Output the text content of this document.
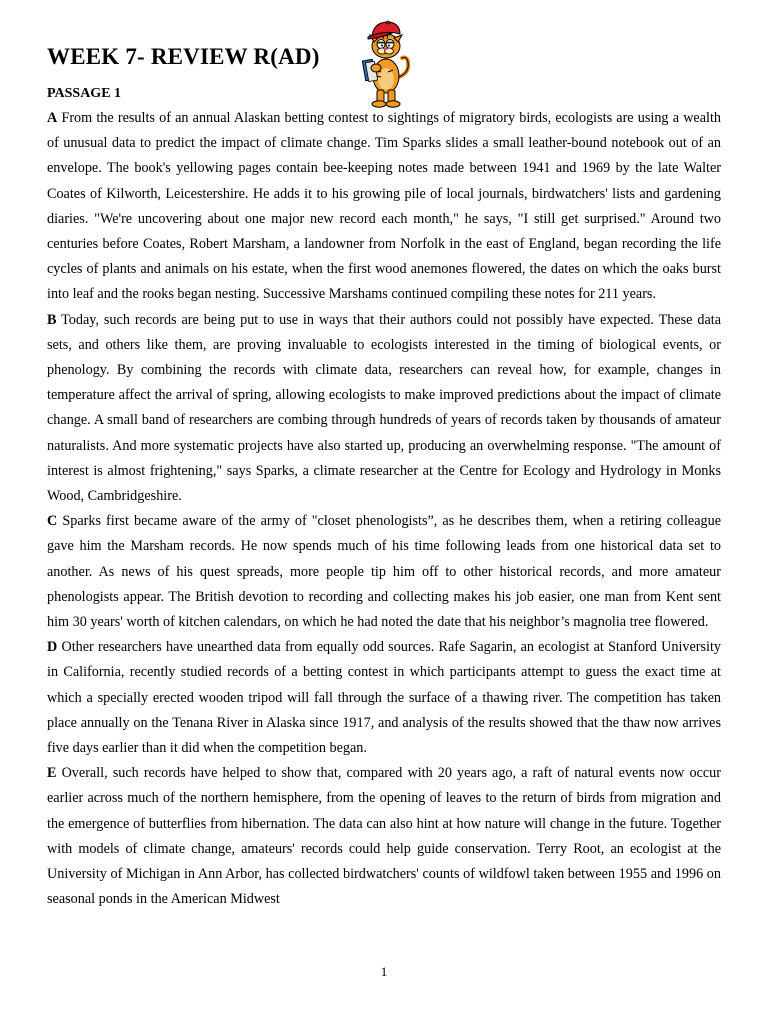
WEEK 7- REVIEW R(AD)
PASSAGE 1

A From the results of an annual Alaskan betting contest to sightings of migratory birds, ecologists are using a wealth of unusual data to predict the impact of climate change. Tim Sparks slides a small leather-bound notebook out of an envelope. The book's yellowing pages contain bee-keeping notes made between 1941 and 1969 by the late Walter Coates of Kilworth, Leicestershire. He adds it to his growing pile of local journals, birdwatchers' lists and gardening diaries. "We're uncovering about one major new record each month," he says, "I still get surprised." Around two centuries before Coates, Robert Marsham, a landowner from Norfolk in the east of England, began recording the life cycles of plants and animals on his estate, when the first wood anemones flowered, the dates on which the oaks burst into leaf and the rooks began nesting. Successive Marshams continued compiling these notes for 211 years.

B Today, such records are being put to use in ways that their authors could not possibly have expected. These data sets, and others like them, are proving invaluable to ecologists interested in the timing of biological events, or phenology. By combining the records with climate data, researchers can reveal how, for example, changes in temperature affect the arrival of spring, allowing ecologists to make improved predictions about the impact of climate change. A small band of researchers are combing through hundreds of years of records taken by thousands of amateur naturalists. And more systematic projects have also started up, producing an overwhelming response. "The amount of interest is almost frightening," says Sparks, a climate researcher at the Centre for Ecology and Hydrology in Monks Wood, Cambridgeshire.

C Sparks first became aware of the army of "closet phenologists”, as he describes them, when a retiring colleague gave him the Marsham records. He now spends much of his time following leads from one historical data set to another. As news of his quest spreads, more people tip him off to other historical records, and more amateur phenologists appear. The British devotion to recording and collecting makes his job easier, one man from Kent sent him 30 years' worth of kitchen calendars, on which he had noted the date that his neighbor’s magnolia tree flowered.

D Other researchers have unearthed data from equally odd sources. Rafe Sagarin, an ecologist at Stanford University in California, recently studied records of a betting contest in which participants attempt to guess the exact time at which a specially erected wooden tripod will fall through the surface of a thawing river. The competition has taken place annually on the Tenana River in Alaska since 1917, and analysis of the results showed that the thaw now arrives five days earlier than it did when the competition began.

E Overall, such records have helped to show that, compared with 20 years ago, a raft of natural events now occur earlier across much of the northern hemisphere, from the opening of leaves to the return of birds from migration and the emergence of butterflies from hibernation. The data can also hint at how nature will change in the future. Together with models of climate change, amateurs' records could help guide conservation. Terry Root, an ecologist at the University of Michigan in Ann Arbor, has collected birdwatchers' counts of wildfowl taken between 1955 and 1996 on seasonal ponds in the American Midwest

1
